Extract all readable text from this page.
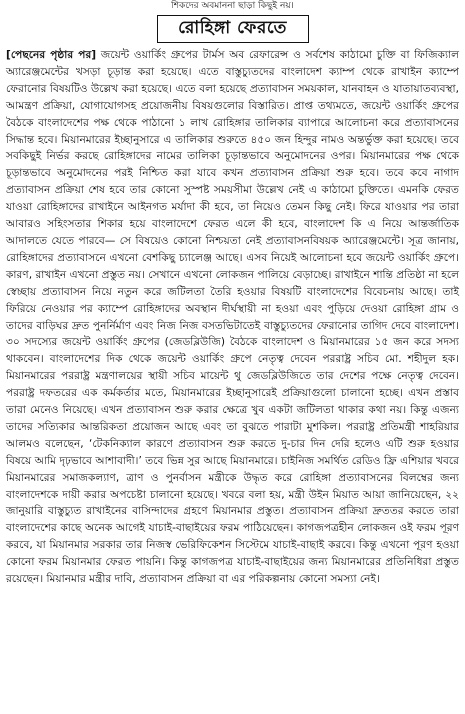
শিকদের অবমাননা ছাড়া কিছুই নয়।
রোহিঙ্গা ফেরতে

[পেছনের পৃষ্ঠার পর] জয়েন্ট ওয়ার্কিং গ্রুপের টার্মস অব রেফারেন্স ও সর্বশেষ কাঠামো চুক্তি বা ফিজিক্যাল অ্যারেঞ্জমেন্টের খসড়া চূড়ান্ত করা হয়েছে। এতে বাস্তুচ্যুতদের বাংলাদেশ ক্যাম্প থেকে রাখাইন ক্যাম্পে ফেরানোর বিষয়টিও উল্লেখ করা হয়েছে। এতে বলা হয়েছে প্রত্যাবাসন সময়কাল, যানবাহন ও যাতায়াতব্যবস্থা, আমন্ত্রণ প্রক্রিয়া, যোগাযোগসহ প্রয়োজনীয় বিষয়গুলোর বিস্তারিত। প্রাপ্ত তথ্যমতে, জয়েন্ট ওয়ার্কিং গ্রুপের বৈঠকে বাংলাদেশের পক্ষ থেকে পাঠানো ১ লাখ রোহিঙ্গার তালিকার ব্যাপারে আলোচনা করে প্রত্যাবাসনের সিদ্ধান্ত হবে। মিয়ানমারের ইচ্ছানুসারে এ তালিকার শুরুতে ৪৫০ জন হিন্দুর নামও অন্তর্ভুক্ত করা হয়েছে। তবে সবকিছুই নির্ভর করছে রোহিঙ্গাদের নামের তালিকা চূড়ান্তভাবে অনুমোদনের ওপর। মিয়ানমারের পক্ষ থেকে চূড়ান্তভাবে অনুমোদনের পরই নিশ্চিত করা যাবে কখন প্রত্যাবাসন প্রক্রিয়া শুরু হবে। তবে কবে নাগাদ প্রত্যাবাসন প্রক্রিয়া শেষ হবে তার কোনো সুস্পষ্ট সময়সীমা উল্লেখ নেই এ কাঠামো চুক্তিতে। এমনকি ফেরত যাওয়া রোহিঙ্গাদের রাখাইনে আইনগত মর্যাদা কী হবে, তা নিয়েও তেমন কিছু নেই। ফিরে যাওয়ার পর তারা আবারও সহিংসতার শিকার হয়ে বাংলাদেশে ফেরত এলে কী হবে, বাংলাদেশ কি এ নিয়ে আন্তর্জাতিক আদালতে যেতে পারবে— সে বিষয়েও কোনো নিশ্চয়তা নেই প্রত্যাবাসনবিষয়ক অ্যারেঞ্জমেন্টে। সূত্র জানায়, রোহিঙ্গাদের প্রত্যাবাসনে এখনো বেশকিছু চ্যালেঞ্জ আছে। এসব নিয়েই আলোচনা হবে জয়েন্ট ওয়ার্কিং গ্রুপে। কারণ, রাখাইন এখনো প্রস্তুত নয়। সেখানে এখনো লোকজন পালিয়ে বেড়াচ্ছে। রাখাইনে শান্তি প্রতিষ্ঠা না হলে স্বেচ্ছায় প্রত্যাবাসন নিয়ে নতুন করে জটিলতা তৈরি হওয়ার বিষয়টি বাংলাদেশের বিবেচনায় আছে। তাই ফিরিয়ে নেওয়ার পর ক্যাম্পে রোহিঙ্গাদের অবস্থান দীর্ঘস্থায়ী না হওয়া এবং পুড়িয়ে দেওয়া রোহিঙ্গা গ্রাম ও তাদের বাড়িঘর দ্রুত পুনর্নির্মাণ এবং নিজ নিজ বসতভিটাতেই বাস্তুচ্যুতদের ফেরানোর তাগিদ দেবে বাংলাদেশ। ৩০ সদস্যের জয়েন্ট ওয়ার্কিং গ্রুপের (জেডব্লিউজি) বৈঠকে বাংলাদেশ ও মিয়ানমারের ১৫ জন করে সদস্য থাকবেন। বাংলাদেশের দিক থেকে জয়েন্ট ওয়ার্কিং গ্রুপে নেতৃত্ব দেবেন পররাষ্ট্র সচিব মো. শহীদুল হক। মিয়ানমারের পররাষ্ট্র মন্ত্রণালয়ের স্থায়ী সচিব মায়েন্ট থু জেডব্লিউজিতে তার দেশের পক্ষে নেতৃত্ব দেবেন। পররাষ্ট্র দফতরের এক কর্মকর্তার মতে, মিয়ানমারের ইচ্ছানুসারেই প্রক্রিয়াগুলো চালানো হচ্ছে। এখন প্রস্তাব তারা মেনেও নিয়েছে। এখন প্রত্যাবাসন শুরু করার ক্ষেত্রে খুব একটা জটিলতা থাকার কথা নয়। কিন্তু এজন্য তাদের সত্যিকার আন্তরিকতা প্রয়োজন আছে এবং তা বুঝতে পারাটা মুশকিল। পররাষ্ট্র প্রতিমন্ত্রী শাহরিয়ার আলমও বলেছেন, ‘টেকনিক্যাল কারণে প্রত্যাবাসন শুরু করতে দু-চার দিন দেরি হলেও এটি শুরু হওয়ার বিষয়ে আমি দৃঢ়ভাবে আশাবাদী।’ তবে ভিন্ন সুর আছে মিয়ানমারে। চাইনিজ সমর্থিত রেডিও ফ্রি এশিয়ার খবরে মিয়ানমারের সমাজকল্যাণ, ত্রাণ ও পুনর্বাসন মন্ত্রীকে উদ্ধৃত করে রোহিঙ্গা প্রত্যাবাসনের বিলম্বের জন্য বাংলাদেশকে দায়ী করার অপচেষ্টা চালানো হয়েছে। খবরে বলা হয়, মন্ত্রী উইন মিয়াত আয়া জানিয়েছেন, ২২ জানুয়ারি বাস্তুচ্যুত রাখাইনের বাসিন্দাদের গ্রহণে মিয়ানমার প্রস্তুত। প্রত্যাবাসন প্রক্রিয়া দ্রুততর করতে তারা বাংলাদেশের কাছে অনেক আগেই যাচাই-বাছাইয়ের ফরম পাঠিয়েছেন। কাগজপত্রহীন লোকজন ওই ফরম পূরণ করবে, যা মিয়ানমার সরকার তার নিজস্ব ভেরিফিকেশন সিস্টেমে যাচাই-বাছাই করবে। কিন্তু এখনো পূরণ হওয়া কোনো ফরম মিয়ানমার ফেরত পায়নি। কিন্তু কাগজপত্র যাচাই-বাছাইয়ের জন্য মিয়ানমারের প্রতিনিধিরা প্রস্তুত রয়েছেন। মিয়ানমার মন্ত্রীর দাবি, প্রত্যাবাসন প্রক্রিয়া বা এর পরিকল্পনায় কোনো সমস্যা নেই।
